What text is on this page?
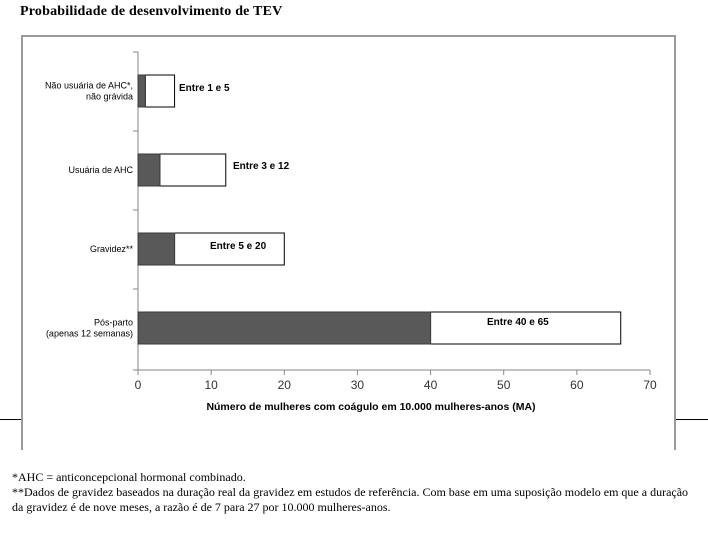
Probabilidade de desenvolvimento de TEV
0	10	20	30	40	50	60	70
Número de mulheres com coágulo em 10.000 mulheres-anos (MA)
Não usuária de AHC*,
não grávida
Usuária de AHC
Gravidez**
Pós-parto
(apenas 12 semanas)
Entre 1 e 5
Entre 3 e 12
Entre 5 e 20
Entre 40 e 65

*AHC = anticoncepcional hormonal combinado.

**Dados de gravidez baseados na duração real da gravidez em estudos de referência. Com base em uma suposição modelo em que a duração da gravidez é de nove meses, a razão é de 7 para 27 por 10.000 mulheres-anos.
